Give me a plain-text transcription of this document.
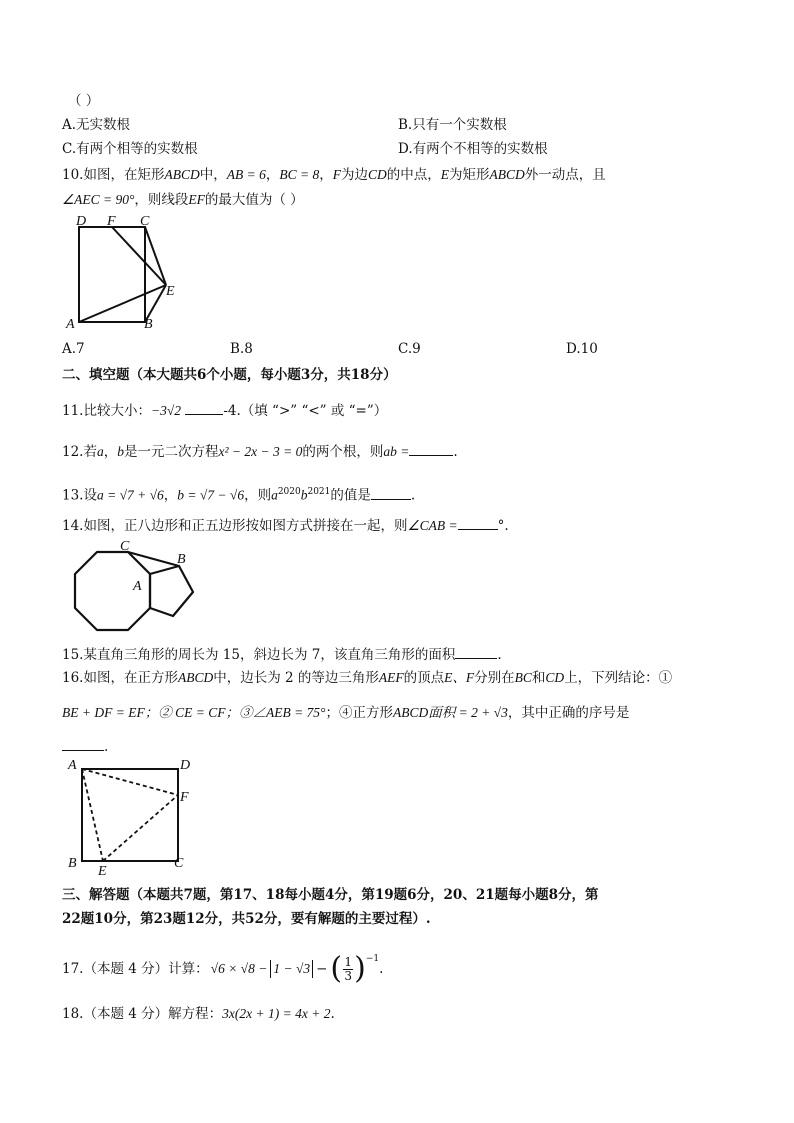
（ ）
A.无实数根	B.只有一个实数根
C.有两个相等的实数根	D.有两个不相等的实数根
10.如图，在矩形ABCD中，AB = 6，BC = 8，F为边CD的中点，E为矩形ABCD外一动点，且
∠AEC = 90°，则线段EF的最大值为（ ）
D F C
E
A	B
A.7	B.8	C.9	D.10
二、填空题（本大题共6个小题，每小题3分，共18分）
11.比较大小：−3√2	-4.（填 “>” “<” 或 “=”）
12.若a，b是一元二次方程x² − 2x − 3 = 0的两个根，则ab =	.
13.设a = √7 + √6，b = √7 − √6，则$a^{2020}b^{2021}$的值是	.
14.如图，正八边形和正五边形按如图方式拼接在一起，则∠CAB =	°.
C
B
A
15.某直角三角形的周长为 15，斜边长为 7，该直角三角形的面积	.
16.如图，在正方形ABCD中，边长为 2 的等边三角形AEF的顶点E、F分别在BC和CD上，下列结论：①
BE + DF = EF；② CE = CF；③∠AEB = 75°；④正方形ABCD面积 = 2 + √3，其中正确的序号是
.
A	D
F
B
E
C
三、解答题（本题共7题，第17、18每小题4分，第19题6分，20、21题每小题8分，第
22题10分，第23题12分，共52分，要有解题的主要过程）.
17. （本题 4 分）计算： √6 × √8 − 1 − √3 − ( 1
3 )$^{-1}$
.
18.（本题 4 分）解方程：3x(2x + 1) = 4x + 2.
